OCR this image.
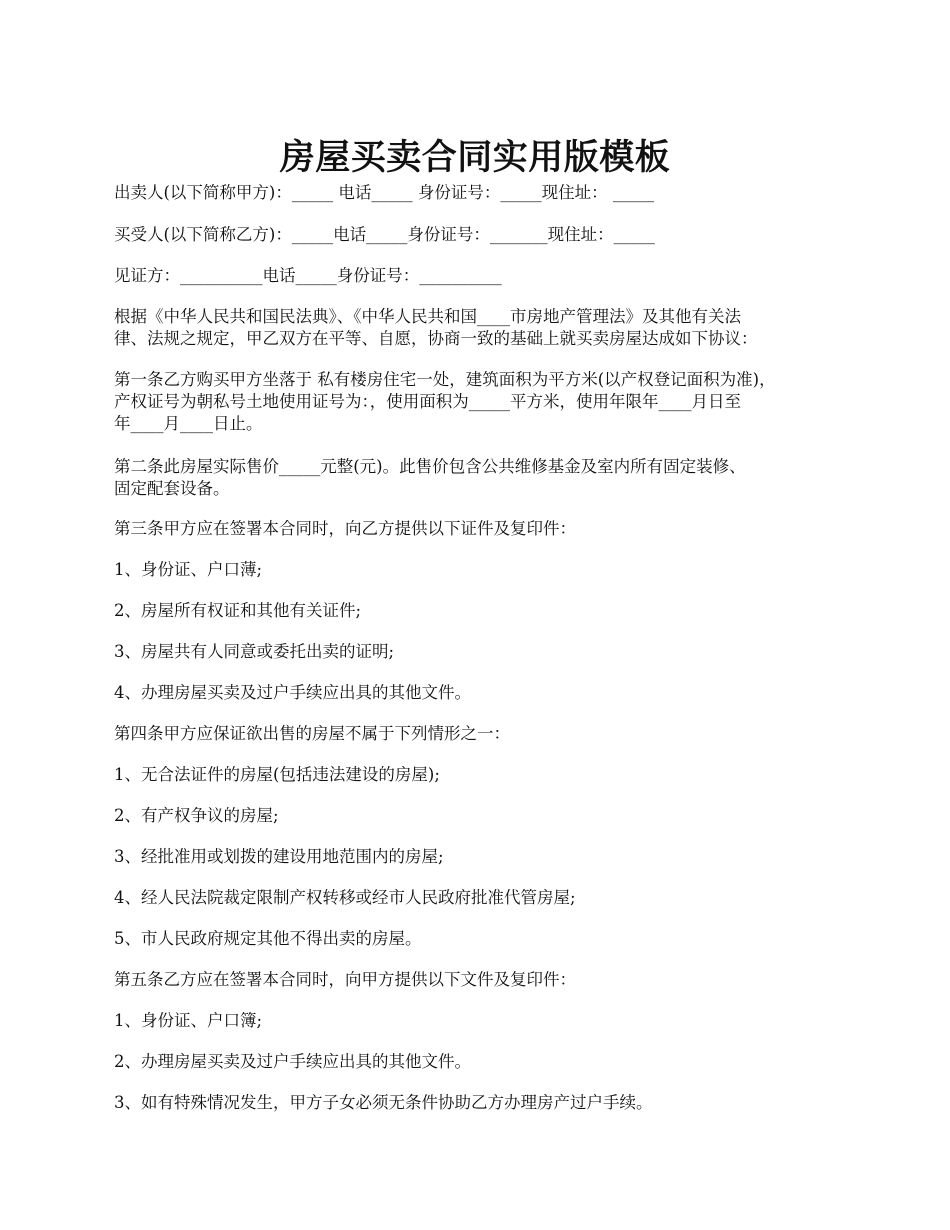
房屋买卖合同实用版模板

出卖人(以下简称甲方)：_____ 电话_____ 身份证号：_____现住址： _____

买受人(以下简称乙方)：_____电话_____身份证号：_______现住址：_____

见证方：__________电话_____身份证号：__________

根据《中华人民共和国民法典》、《中华人民共和国____市房地产管理法》及其他有关法
律、法规之规定，甲乙双方在平等、自愿，协商一致的基础上就买卖房屋达成如下协议：

第一条乙方购买甲方坐落于 私有楼房住宅一处，建筑面积为平方米(以产权登记面积为准)，
产权证号为朝私号土地使用证号为：，使用面积为_____平方米，使用年限年____月日至
年____月____日止。

第二条此房屋实际售价_____元整(元)。此售价包含公共维修基金及室内所有固定装修、
固定配套设备。

第三条甲方应在签署本合同时，向乙方提供以下证件及复印件：

1、身份证、户口薄;

2、房屋所有权证和其他有关证件;

3、房屋共有人同意或委托出卖的证明;

4、办理房屋买卖及过户手续应出具的其他文件。

第四条甲方应保证欲出售的房屋不属于下列情形之一：

1、无合法证件的房屋(包括违法建设的房屋);

2、有产权争议的房屋;

3、经批准用或划拨的建设用地范围内的房屋;

4、经人民法院裁定限制产权转移或经市人民政府批准代管房屋;

5、市人民政府规定其他不得出卖的房屋。

第五条乙方应在签署本合同时，向甲方提供以下文件及复印件：

1、身份证、户口簿;

2、办理房屋买卖及过户手续应出具的其他文件。

3、如有特殊情况发生，甲方子女必须无条件协助乙方办理房产过户手续。
